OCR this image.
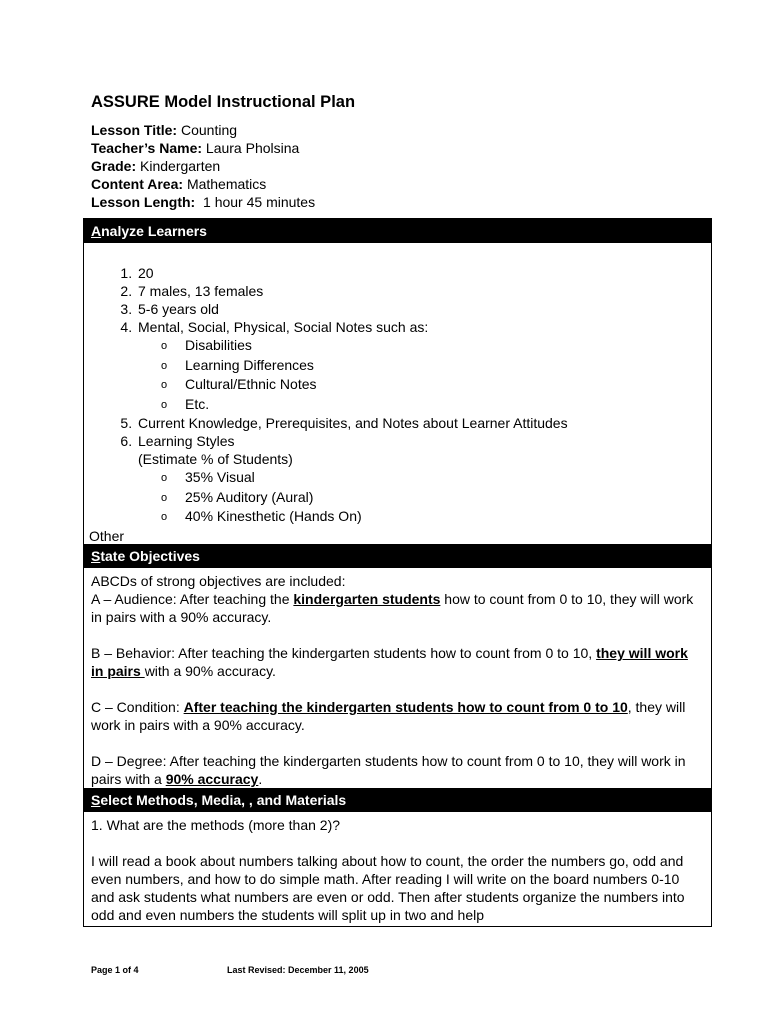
ASSURE Model Instructional Plan
Lesson Title: Counting
Teacher’s Name: Laura Pholsina
Grade: Kindergarten
Content Area: Mathematics
Lesson Length: 1 hour 45 minutes
Analyze Learners
1. 20
2. 7 males, 13 females
3. 5-6 years old
4. Mental, Social, Physical, Social Notes such as:
o Disabilities
o Learning Differences
o Cultural/Ethnic Notes
o Etc.
5. Current Knowledge, Prerequisites, and Notes about Learner Attitudes
6. Learning Styles
(Estimate % of Students)
o 35% Visual
o 25% Auditory (Aural)
o 40% Kinesthetic (Hands On)
Other
State Objectives

ABCDs of strong objectives are included:

A – Audience: After teaching the kindergarten students how to count from 0 to 10, they will work in pairs with a 90% accuracy.

B – Behavior: After teaching the kindergarten students how to count from 0 to 10, they will work in pairs with a 90% accuracy.

C – Condition: After teaching the kindergarten students how to count from 0 to 10, they will work in pairs with a 90% accuracy.

D – Degree: After teaching the kindergarten students how to count from 0 to 10, they will work in pairs with a 90% accuracy.

Select Methods, Media, , and Materials

1. What are the methods (more than 2)?

I will read a book about numbers talking about how to count, the order the numbers go, odd and even numbers, and how to do simple math. After reading I will write on the board numbers 0-10 and ask students what numbers are even or odd. Then after students organize the numbers into odd and even numbers the students will split up in two and help

Page 1 of 4	Last Revised: December 11, 2005
